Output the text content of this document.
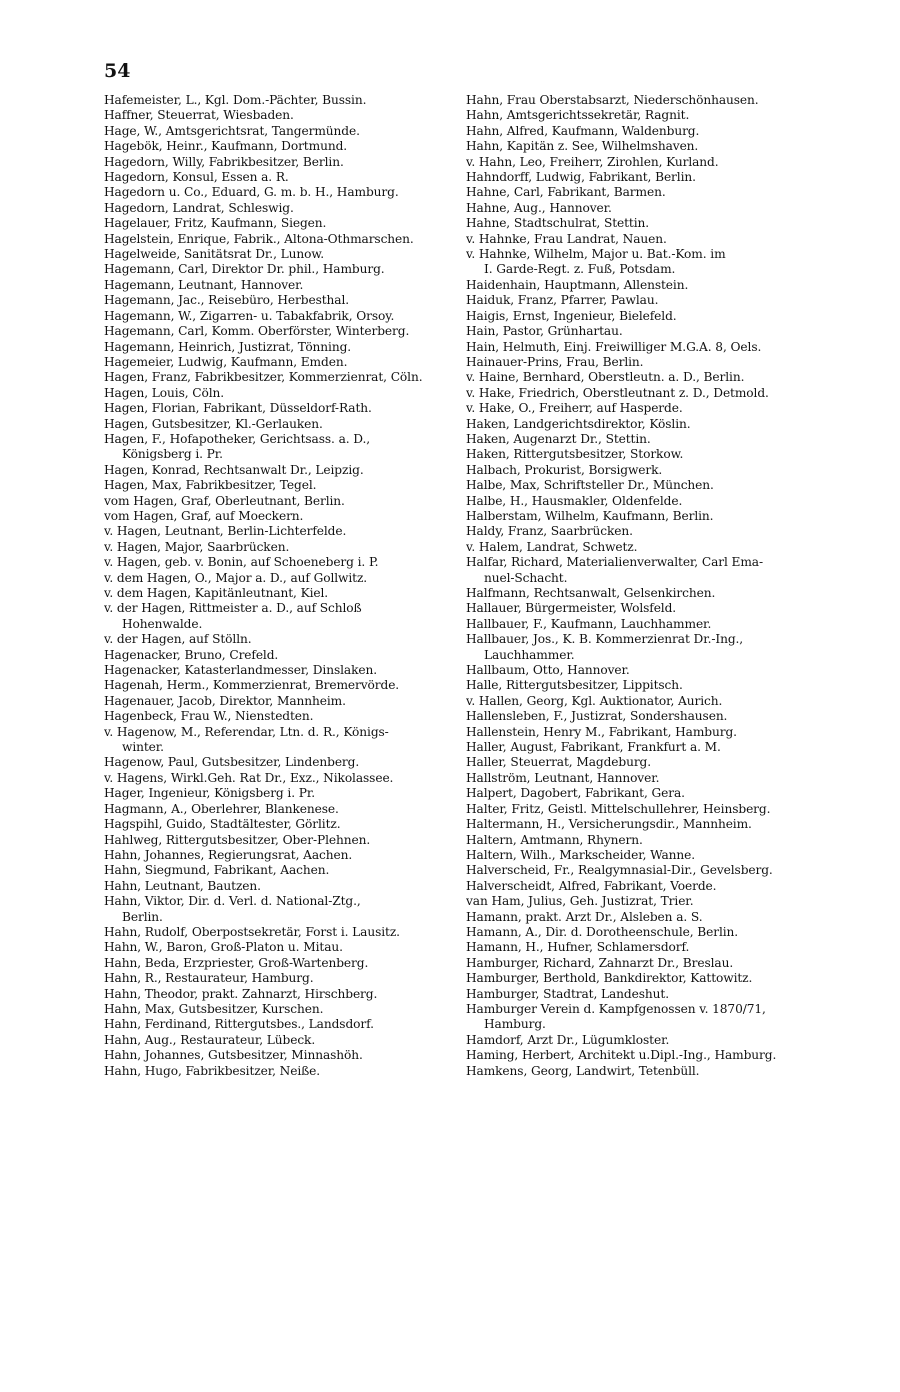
54
Hafemeister, L., Kgl. Dom.-Pächter, Bussin.
Haffner, Steuerrat, Wiesbaden.
Hage, W., Amtsgerichtsrat, Tangermünde.
Hagebök, Heinr., Kaufmann, Dortmund.
Hagedorn, Willy, Fabrikbesitzer, Berlin.
Hagedorn, Konsul, Essen a. R.
Hagedorn u. Co., Eduard, G. m. b. H., Hamburg.
Hagedorn, Landrat, Schleswig.
Hagelauer, Fritz, Kaufmann, Siegen.
Hagelstein, Enrique, Fabrik., Altona-Othmarschen.
Hagelweide, Sanitätsrat Dr., Lunow.
Hagemann, Carl, Direktor Dr. phil., Hamburg.
Hagemann, Leutnant, Hannover.
Hagemann, Jac., Reisebüro, Herbesthal.
Hagemann, W., Zigarren- u. Tabakfabrik, Orsoy.
Hagemann, Carl, Komm. Oberförster, Winterberg.
Hagemann, Heinrich, Justizrat, Tönning.
Hagemeier, Ludwig, Kaufmann, Emden.
Hagen, Franz, Fabrikbesitzer, Kommerzienrat, Cöln.
Hagen, Louis, Cöln.
Hagen, Florian, Fabrikant, Düsseldorf-Rath.
Hagen, Gutsbesitzer, Kl.-Gerlauken.
Hagen, F., Hofapotheker, Gerichtsass. a. D.,
Königsberg i. Pr.
Hagen, Konrad, Rechtsanwalt Dr., Leipzig.
Hagen, Max, Fabrikbesitzer, Tegel.
vom Hagen, Graf, Oberleutnant, Berlin.
vom Hagen, Graf, auf Moeckern.
v. Hagen, Leutnant, Berlin-Lichterfelde.
v. Hagen, Major, Saarbrücken.
v. Hagen, geb. v. Bonin, auf Schoeneberg i. P.
v. dem Hagen, O., Major a. D., auf Gollwitz.
v. dem Hagen, Kapitänleutnant, Kiel.
v. der Hagen, Rittmeister a. D., auf Schloß
Hohenwalde.
v. der Hagen, auf Stölln.
Hagenacker, Bruno, Crefeld.
Hagenacker, Katasterlandmesser, Dinslaken.
Hagenah, Herm., Kommerzienrat, Bremervörde.
Hagenauer, Jacob, Direktor, Mannheim.
Hagenbeck, Frau W., Nienstedten.
v. Hagenow, M., Referendar, Ltn. d. R., Königs-
winter.
Hagenow, Paul, Gutsbesitzer, Lindenberg.
v. Hagens, Wirkl.Geh. Rat Dr., Exz., Nikolassee.
Hager, Ingenieur, Königsberg i. Pr.
Hagmann, A., Oberlehrer, Blankenese.
Hagspihl, Guido, Stadtältester, Görlitz.
Hahlweg, Rittergutsbesitzer, Ober-Plehnen.
Hahn, Johannes, Regierungsrat, Aachen.
Hahn, Siegmund, Fabrikant, Aachen.
Hahn, Leutnant, Bautzen.
Hahn, Viktor, Dir. d. Verl. d. National-Ztg.,
Berlin.
Hahn, Rudolf, Oberpostsekretär, Forst i. Lausitz.
Hahn, W., Baron, Groß-Platon u. Mitau.
Hahn, Beda, Erzpriester, Groß-Wartenberg.
Hahn, R., Restaurateur, Hamburg.
Hahn, Theodor, prakt. Zahnarzt, Hirschberg.
Hahn, Max, Gutsbesitzer, Kurschen.
Hahn, Ferdinand, Rittergutsbes., Landsdorf.
Hahn, Aug., Restaurateur, Lübeck.
Hahn, Johannes, Gutsbesitzer, Minnashöh.
Hahn, Hugo, Fabrikbesitzer, Neiße.
Hahn, Frau Oberstabsarzt, Niederschönhausen.
Hahn, Amtsgerichtssekretär, Ragnit.
Hahn, Alfred, Kaufmann, Waldenburg.
Hahn, Kapitän z. See, Wilhelmshaven.
v. Hahn, Leo, Freiherr, Zirohlen, Kurland.
Hahndorff, Ludwig, Fabrikant, Berlin.
Hahne, Carl, Fabrikant, Barmen.
Hahne, Aug., Hannover.
Hahne, Stadtschulrat, Stettin.
v. Hahnke, Frau Landrat, Nauen.
v. Hahnke, Wilhelm, Major u. Bat.-Kom. im
I. Garde-Regt. z. Fuß, Potsdam.
Haidenhain, Hauptmann, Allenstein.
Haiduk, Franz, Pfarrer, Pawlau.
Haigis, Ernst, Ingenieur, Bielefeld.
Hain, Pastor, Grünhartau.
Hain, Helmuth, Einj. Freiwilliger M.G.A. 8, Oels.
Hainauer-Prins, Frau, Berlin.
v. Haine, Bernhard, Oberstleutn. a. D., Berlin.
v. Hake, Friedrich, Oberstleutnant z. D., Detmold.
v. Hake, O., Freiherr, auf Hasperde.
Haken, Landgerichtsdirektor, Köslin.
Haken, Augenarzt Dr., Stettin.
Haken, Rittergutsbesitzer, Storkow.
Halbach, Prokurist, Borsigwerk.
Halbe, Max, Schriftsteller Dr., München.
Halbe, H., Hausmakler, Oldenfelde.
Halberstam, Wilhelm, Kaufmann, Berlin.
Haldy, Franz, Saarbrücken.
v. Halem, Landrat, Schwetz.
Halfar, Richard, Materialienverwalter, Carl Ema-
nuel-Schacht.
Halfmann, Rechtsanwalt, Gelsenkirchen.
Hallauer, Bürgermeister, Wolsfeld.
Hallbauer, F., Kaufmann, Lauchhammer.
Hallbauer, Jos., K. B. Kommerzienrat Dr.-Ing.,
Lauchhammer.
Hallbaum, Otto, Hannover.
Halle, Rittergutsbesitzer, Lippitsch.
v. Hallen, Georg, Kgl. Auktionator, Aurich.
Hallensleben, F., Justizrat, Sondershausen.
Hallenstein, Henry M., Fabrikant, Hamburg.
Haller, August, Fabrikant, Frankfurt a. M.
Haller, Steuerrat, Magdeburg.
Hallström, Leutnant, Hannover.
Halpert, Dagobert, Fabrikant, Gera.
Halter, Fritz, Geistl. Mittelschullehrer, Heinsberg.
Haltermann, H., Versicherungsdir., Mannheim.
Haltern, Amtmann, Rhynern.
Haltern, Wilh., Markscheider, Wanne.
Halverscheid, Fr., Realgymnasial-Dir., Gevelsberg.
Halverscheidt, Alfred, Fabrikant, Voerde.
van Ham, Julius, Geh. Justizrat, Trier.
Hamann, prakt. Arzt Dr., Alsleben a. S.
Hamann, A., Dir. d. Dorotheenschule, Berlin.
Hamann, H., Hufner, Schlamersdorf.
Hamburger, Richard, Zahnarzt Dr., Breslau.
Hamburger, Berthold, Bankdirektor, Kattowitz.
Hamburger, Stadtrat, Landeshut.
Hamburger Verein d. Kampfgenossen v. 1870/71,
Hamburg.
Hamdorf, Arzt Dr., Lügumkloster.
Haming, Herbert, Architekt u.Dipl.-Ing., Hamburg.
Hamkens, Georg, Landwirt, Tetenbüll.
